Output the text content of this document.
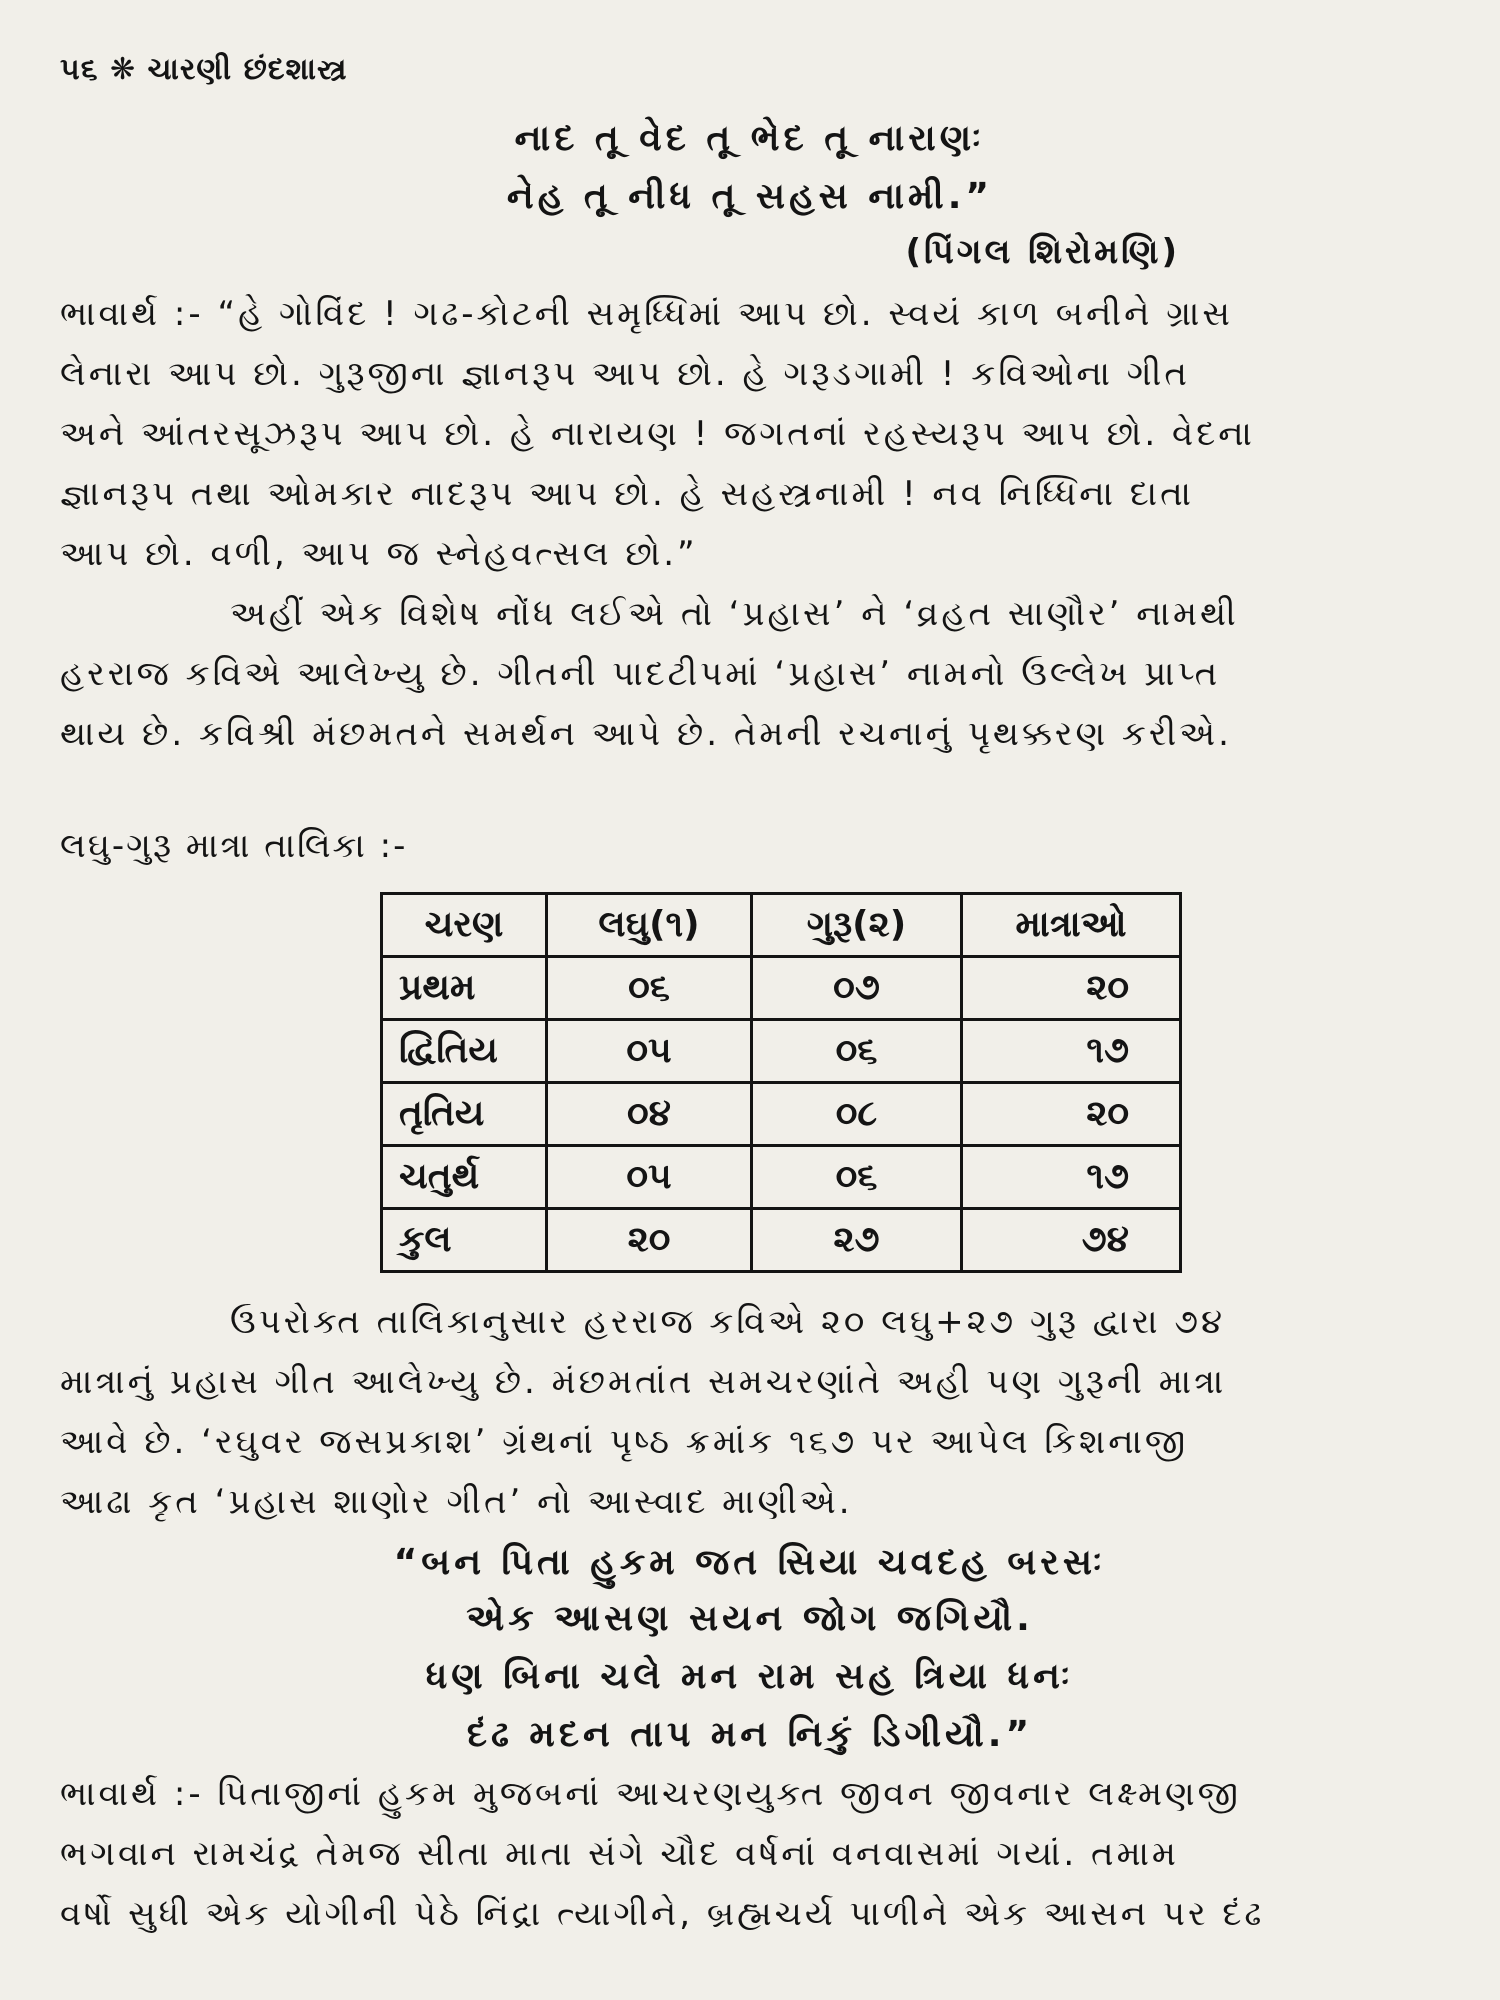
૫૬ ❋ ચારણી છંદશાસ્ત્ર
નાદ તૂ વેદ તૂ ભેદ તૂ નારાણઃ
નેહ તૂ નીધ તૂ સહસ નામી.”
(પિંગલ શિરોમણિ)
ભાવાર્થ :- “હે ગોવિંદ ! ગઢ-કોટની સમૃધ્ધિમાં આપ છો. સ્વયં કાળ બનીને ગ્રાસ
લેનારા આપ છો. ગુરૂજીના જ્ઞાનરૂપ આપ છો. હે ગરૂડગામી ! કવિઓના ગીત
અને આંતરસૂઝરૂપ આપ છો. હે નારાયણ ! જગતનાં રહસ્યરૂપ આપ છો. વેદના
જ્ઞાનરૂપ તથા ઓમકાર નાદરૂપ આપ છો. હે સહસ્ત્રનામી ! નવ નિધ્ધિના દાતા
આપ છો. વળી, આપ જ સ્નેહવત્સલ છો.”
અહીં એક વિશેષ નોંધ લઈએ તો ‘પ્રહાસ’ ને ‘વ્રહત સાણૌર’ નામથી
હરરાજ કવિએ આલેખ્યુ છે. ગીતની પાદટીપમાં ‘પ્રહાસ’ નામનો ઉલ્લેખ પ્રાપ્ત
થાય છે. કવિશ્રી મંછમતને સમર્થન આપે છે. તેમની રચનાનું પૃથક્કરણ કરીએ.
લઘુ-ગુરૂ માત્રા તાલિકા :-
ચરણ	લઘુ(૧)	ગુરૂ(૨)	માત્રાઓ
પ્રથમ	૦૬	૦૭	૨૦
દ્વિતિય	૦૫	૦૬	૧૭
તૃતિય	૦૪	૦૮	૨૦
ચતુર્થ	૦૫	૦૬	૧૭
કુલ	૨૦	૨૭	૭૪
ઉપરોક્ત તાલિકાનુસાર હરરાજ કવિએ ૨૦ લઘુ+૨૭ ગુરૂ દ્વારા ૭૪
માત્રાનું પ્રહાસ ગીત આલેખ્યુ છે. મંછમતાંત સમચરણાંતે અહી પણ ગુરૂની માત્રા
આવે છે. ‘રઘુવર જસપ્રકાશ’ ગ્રંથનાં પૃષ્ઠ ક્રમાંક ૧૬૭ પર આપેલ કિશનાજી
આઢા કૃત ‘પ્રહાસ શાણોર ગીત’ નો આસ્વાદ માણીએ.
“બન પિતા હુકમ જત સિયા ચવદહ બરસઃ
એક આસણ સયન જોગ જગિયૌ.
ધણ બિના ચલે મન રામ સહ ત્રિયા ધનઃ
દંઢ મદન તાપ મન નિકું ડિગીયૌ.”
ભાવાર્થ :- પિતાજીનાં હુકમ મુજબનાં આચરણયુક્ત જીવન જીવનાર લક્ષ્મણજી
ભગવાન રામચંદ્ર તેમજ સીતા માતા સંગે ચૌદ વર્ષનાં વનવાસમાં ગયાં. તમામ
વર્ષો સુધી એક યોગીની પેઠે નિંદ્રા ત્યાગીને, બ્રહ્મચર્ય પાળીને એક આસન પર દંઢ
